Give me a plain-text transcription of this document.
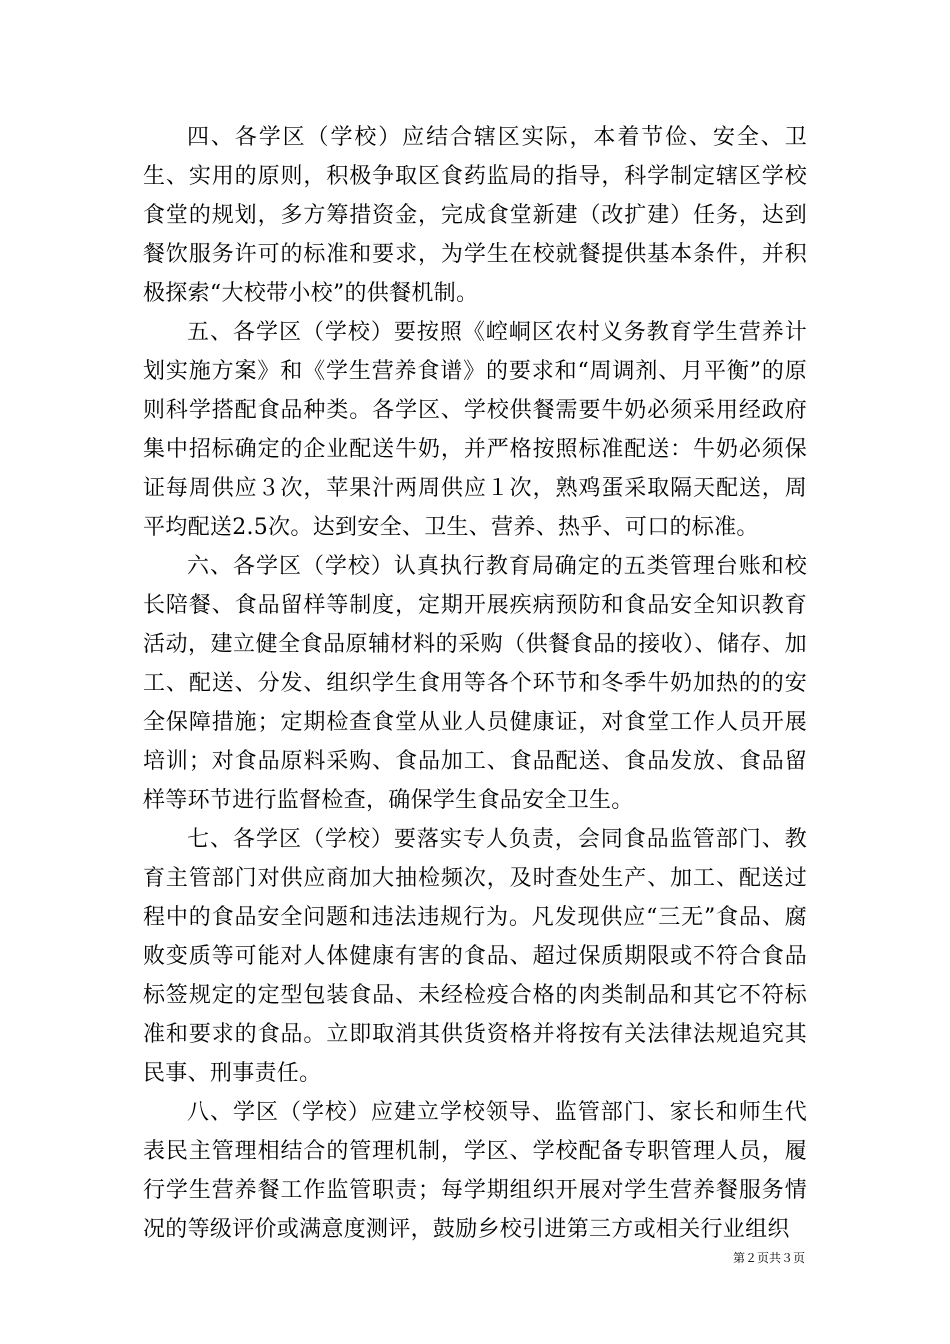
四、各学区（学校）应结合辖区实际，本着节俭、安全、卫生、实用的原则，积极争取区食药监局的指导，科学制定辖区学校食堂的规划，多方筹措资金，完成食堂新建（改扩建）任务，达到餐饮服务许可的标准和要求，为学生在校就餐提供基本条件，并积极探索“大校带小校”的供餐机制。

五、各学区（学校）要按照《崆峒区农村义务教育学生营养计划实施方案》和《学生营养食谱》的要求和“周调剂、月平衡”的原则科学搭配食品种类。各学区、学校供餐需要牛奶必须采用经政府集中招标确定的企业配送牛奶，并严格按照标准配送：牛奶必须保证每周供应３次，苹果汁两周供应１次，熟鸡蛋采取隔天配送，周平均配送2.5次。达到安全、卫生、营养、热乎、可口的标准。

六、各学区（学校）认真执行教育局确定的五类管理台账和校长陪餐、食品留样等制度，定期开展疾病预防和食品安全知识教育活动，建立健全食品原辅材料的采购（供餐食品的接收）、储存、加工、配送、分发、组织学生食用等各个环节和冬季牛奶加热的的安全保障措施；定期检查食堂从业人员健康证，对食堂工作人员开展培训；对食品原料采购、食品加工、食品配送、食品发放、食品留样等环节进行监督检查，确保学生食品安全卫生。

七、各学区（学校）要落实专人负责，会同食品监管部门、教育主管部门对供应商加大抽检频次，及时查处生产、加工、配送过程中的食品安全问题和违法违规行为。凡发现供应“三无”食品、腐败变质等可能对人体健康有害的食品、超过保质期限或不符合食品标签规定的定型包装食品、未经检疫合格的肉类制品和其它不符标准和要求的食品。立即取消其供货资格并将按有关法律法规追究其民事、刑事责任。

八、学区（学校）应建立学校领导、监管部门、家长和师生代表民主管理相结合的管理机制，学区、学校配备专职管理人员，履行学生营养餐工作监管职责；每学期组织开展对学生营养餐服务情况的等级评价或满意度测评，鼓励乡校引进第三方或相关行业组织

第２页共３页
